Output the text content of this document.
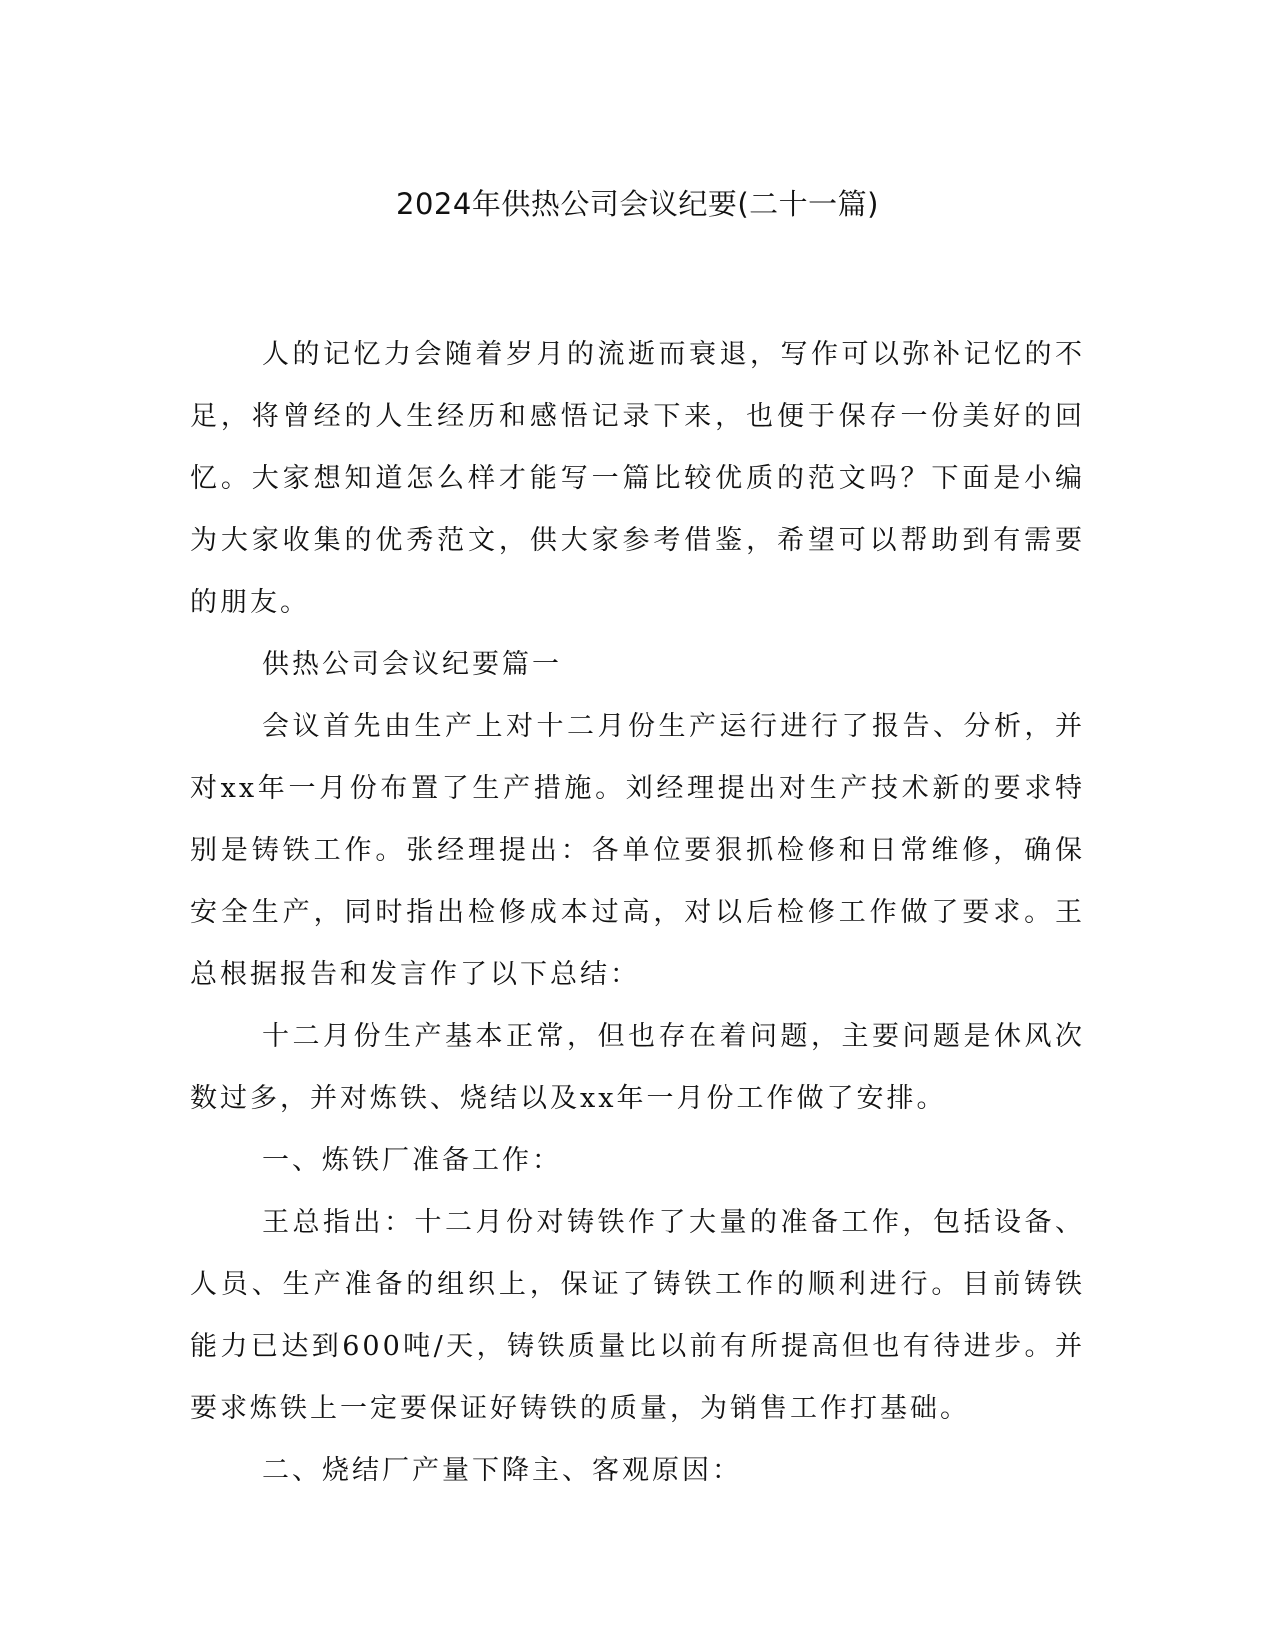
2024年供热公司会议纪要(二十一篇)

人的记忆力会随着岁月的流逝而衰退，写作可以弥补记忆的不足，将曾经的人生经历和感悟记录下来，也便于保存一份美好的回忆。大家想知道怎么样才能写一篇比较优质的范文吗？下面是小编为大家收集的优秀范文，供大家参考借鉴，希望可以帮助到有需要的朋友。

供热公司会议纪要篇一

会议首先由生产上对十二月份生产运行进行了报告、分析，并对xx年一月份布置了生产措施。刘经理提出对生产技术新的要求特别是铸铁工作。张经理提出：各单位要狠抓检修和日常维修，确保安全生产，同时指出检修成本过高，对以后检修工作做了要求。王总根据报告和发言作了以下总结：

十二月份生产基本正常，但也存在着问题，主要问题是休风次数过多，并对炼铁、烧结以及xx年一月份工作做了安排。

一、炼铁厂准备工作：

王总指出：十二月份对铸铁作了大量的准备工作，包括设备、人员、生产准备的组织上，保证了铸铁工作的顺利进行。目前铸铁能力已达到600吨/天，铸铁质量比以前有所提高但也有待进步。并要求炼铁上一定要保证好铸铁的质量，为销售工作打基础。

二、烧结厂产量下降主、客观原因：
